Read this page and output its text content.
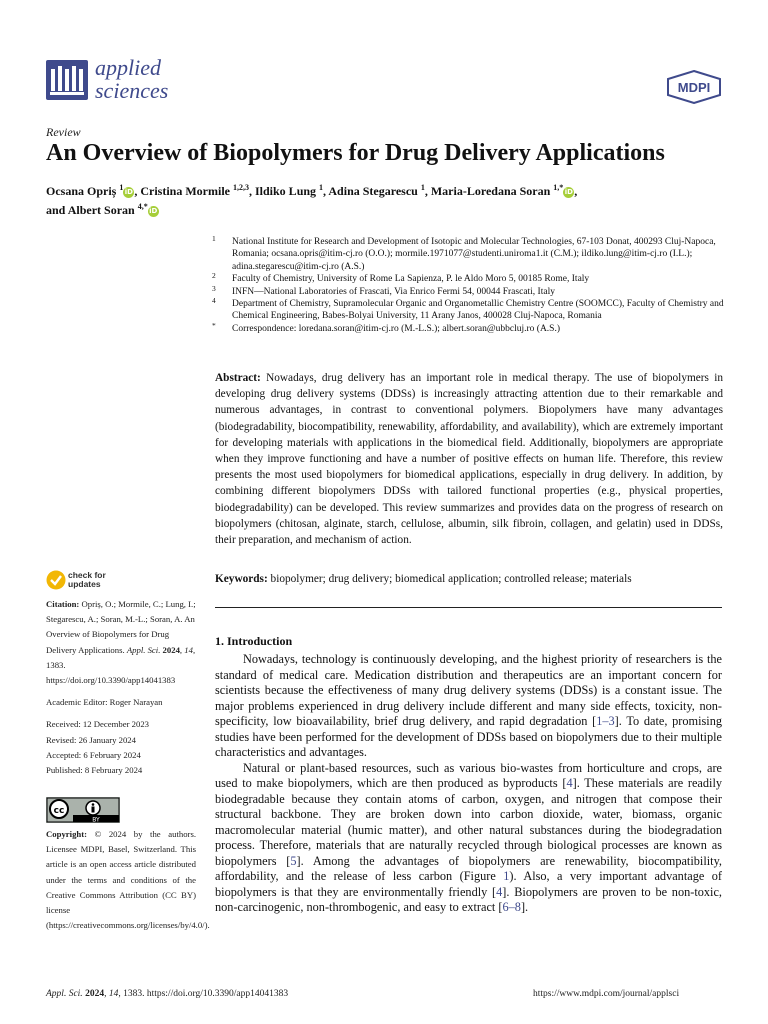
applied
sciences	MDPI
Review
An Overview of Biopolymers for Drug Delivery Applications
Ocsana Opriș $^1$iD, Cristina Mormile $^{1,2,3}$, Ildiko Lung $^1$, Adina Stegarescu $^1$, Maria-Loredana Soran $^{1,*}$iD,
and Albert Soran $^{4,*}$iD
1 National Institute for Research and Development of Isotopic and Molecular Technologies, 67-103 Donat, 400293 Cluj-Napoca, Romania; ocsana.opris@itim-cj.ro (O.O.); mormile.1971077@studenti.uniroma1.it (C.M.); ildiko.lung@itim-cj.ro (I.L.); adina.stegarescu@itim-cj.ro (A.S.)
2 Faculty of Chemistry, University of Rome La Sapienza, P. le Aldo Moro 5, 00185 Rome, Italy
3 INFN—National Laboratories of Frascati, Via Enrico Fermi 54, 00044 Frascati, Italy
4 Department of Chemistry, Supramolecular Organic and Organometallic Chemistry Centre (SOOMCC), Faculty of Chemistry and Chemical Engineering, Babes-Bolyai University, 11 Arany Janos, 400028 Cluj-Napoca, Romania
* Correspondence: loredana.soran@itim-cj.ro (M.-L.S.); albert.soran@ubbcluj.ro (A.S.)
Abstract: Nowadays, drug delivery has an important role in medical therapy. The use of biopolymers in developing drug delivery systems (DDSs) is increasingly attracting attention due to their remarkable and numerous advantages, in contrast to conventional polymers. Biopolymers have many advantages (biodegradability, biocompatibility, renewability, affordability, and availability), which are extremely important for developing materials with applications in the biomedical field. Additionally, biopolymers are appropriate when they improve functioning and have a number of positive effects on human life. Therefore, this review presents the most used biopolymers for biomedical applications, especially in drug delivery. In addition, by combining different biopolymers DDSs with tailored functional properties (e.g., physical properties, biodegradability) can be developed. This review summarizes and provides data on the progress of research on biopolymers (chitosan, alginate, starch, cellulose, albumin, silk fibroin, collagen, and gelatin) used in DDSs, their preparation, and mechanism of action.
Keywords: biopolymer; drug delivery; biomedical application; controlled release; materials
1. Introduction

Nowadays, technology is continuously developing, and the highest priority of researchers is the standard of medical care. Medication distribution and therapeutics are an important concern for scientists because the effectiveness of many drug delivery systems (DDSs) is a constant issue. The major problems experienced in drug delivery include different and many side effects, toxicity, non-specificity, low bioavailability, brief drug delivery, and rapid degradation [1–3]. To date, promising studies have been performed for the development of DDSs based on biopolymers due to their multiple characteristics and advantages.

Natural or plant-based resources, such as various bio-wastes from horticulture and crops, are used to make biopolymers, which are then produced as byproducts [4]. These materials are readily biodegradable because they contain atoms of carbon, oxygen, and nitrogen that compose their structural backbone. They are broken down into carbon dioxide, water, biomass, organic macromolecular material (humic matter), and other natural substances during the biodegradation process. Therefore, materials that are naturally recycled through biological processes are known as biopolymers [5]. Among the advantages of biopolymers are renewability, biocompatibility, affordability, and the release of less carbon (Figure 1). Also, a very important advantage of biopolymers is that they are environmentally friendly [4]. Biopolymers are proven to be non-toxic, non-carcinogenic, non-thrombogenic, and easy to extract [6–8].

check for
updates
Citation: Opriș, O.; Mormile, C.; Lung, I.; Stegarescu, A.; Soran, M.-L.; Soran, A. An Overview of Biopolymers for Drug Delivery Applications. Appl. Sci. 2024, 14, 1383. https://doi.org/10.3390/app14041383
Academic Editor: Roger Narayan
Received: 12 December 2023
Revised: 26 January 2024
Accepted: 6 February 2024
Published: 8 February 2024
cc
BY
Copyright: © 2024 by the authors. Licensee MDPI, Basel, Switzerland. This article is an open access article distributed under the terms and conditions of the Creative Commons Attribution (CC BY) license (https://creativecommons.org/licenses/by/4.0/).
Appl. Sci. 2024, 14, 1383. https://doi.org/10.3390/app14041383	https://www.mdpi.com/journal/applsci
